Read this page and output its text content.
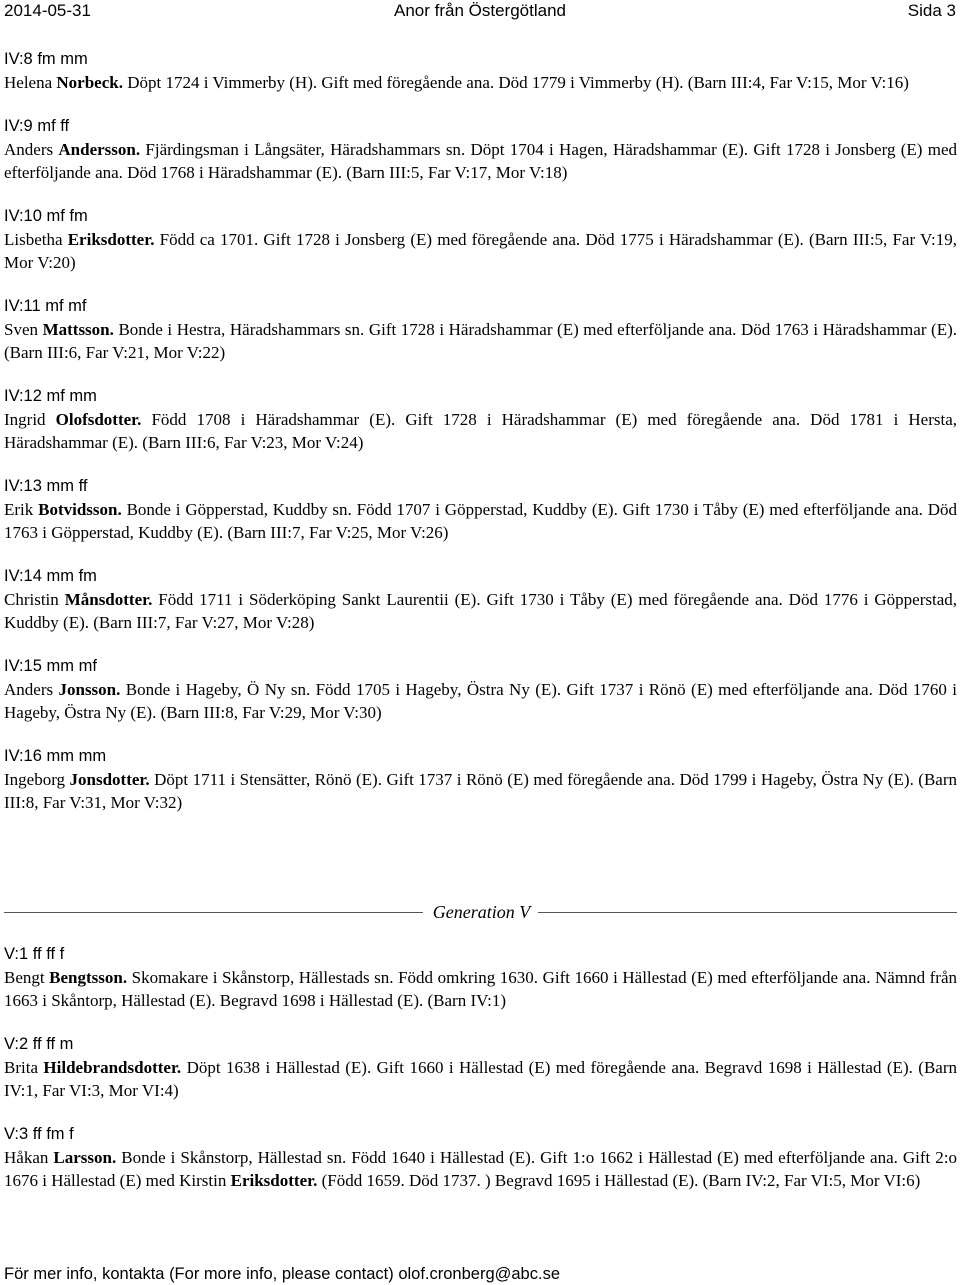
2014-05-31	Anor från Östergötland	Sida 3
IV:8 fm mm
Helena Norbeck. Döpt 1724 i Vimmerby (H). Gift med föregående ana. Död 1779 i Vimmerby (H). (Barn III:4, Far V:15, Mor V:16)
IV:9 mf ff
Anders Andersson. Fjärdingsman i Långsäter, Häradshammars sn. Döpt 1704 i Hagen, Häradshammar (E). Gift 1728 i Jonsberg (E) med efterföljande ana. Död 1768 i Häradshammar (E). (Barn III:5, Far V:17, Mor V:18)
IV:10 mf fm
Lisbetha Eriksdotter. Född ca 1701. Gift 1728 i Jonsberg (E) med föregående ana. Död 1775 i Häradshammar (E). (Barn III:5, Far V:19, Mor V:20)
IV:11 mf mf
Sven Mattsson. Bonde i Hestra, Häradshammars sn. Gift 1728 i Häradshammar (E) med efterföljande ana. Död 1763 i Häradshammar (E). (Barn III:6, Far V:21, Mor V:22)
IV:12 mf mm
Ingrid Olofsdotter. Född 1708 i Häradshammar (E). Gift 1728 i Häradshammar (E) med föregående ana. Död 1781 i Hersta, Häradshammar (E). (Barn III:6, Far V:23, Mor V:24)
IV:13 mm ff
Erik Botvidsson. Bonde i Göpperstad, Kuddby sn. Född 1707 i Göpperstad, Kuddby (E). Gift 1730 i Tåby (E) med efterföljande ana. Död 1763 i Göpperstad, Kuddby (E). (Barn III:7, Far V:25, Mor V:26)
IV:14 mm fm
Christin Månsdotter. Född 1711 i Söderköping Sankt Laurentii (E). Gift 1730 i Tåby (E) med föregående ana. Död 1776 i Göpperstad, Kuddby (E). (Barn III:7, Far V:27, Mor V:28)
IV:15 mm mf
Anders Jonsson. Bonde i Hageby, Ö Ny sn. Född 1705 i Hageby, Östra Ny (E). Gift 1737 i Rönö (E) med efterföljande ana. Död 1760 i Hageby, Östra Ny (E). (Barn III:8, Far V:29, Mor V:30)
IV:16 mm mm
Ingeborg Jonsdotter. Döpt 1711 i Stensätter, Rönö (E). Gift 1737 i Rönö (E) med föregående ana. Död 1799 i Hageby, Östra Ny (E). (Barn III:8, Far V:31, Mor V:32)
Generation V
V:1 ff ff f
Bengt Bengtsson. Skomakare i Skånstorp, Hällestads sn. Född omkring 1630. Gift 1660 i Hällestad (E) med efterföljande ana. Nämnd från 1663 i Skåntorp, Hällestad (E). Begravd 1698 i Hällestad (E). (Barn IV:1)
V:2 ff ff m
Brita Hildebrandsdotter. Döpt 1638 i Hällestad (E). Gift 1660 i Hällestad (E) med föregående ana. Begravd 1698 i Hällestad (E). (Barn IV:1, Far VI:3, Mor VI:4)
V:3 ff fm f
Håkan Larsson. Bonde i Skånstorp, Hällestad sn. Född 1640 i Hällestad (E). Gift 1:o 1662 i Hällestad (E) med efterföljande ana. Gift 2:o 1676 i Hällestad (E) med Kirstin Eriksdotter. (Född 1659. Död 1737. ) Begravd 1695 i Hällestad (E). (Barn IV:2, Far VI:5, Mor VI:6)
För mer info, kontakta (For more info, please contact) olof.cronberg@abc.se
